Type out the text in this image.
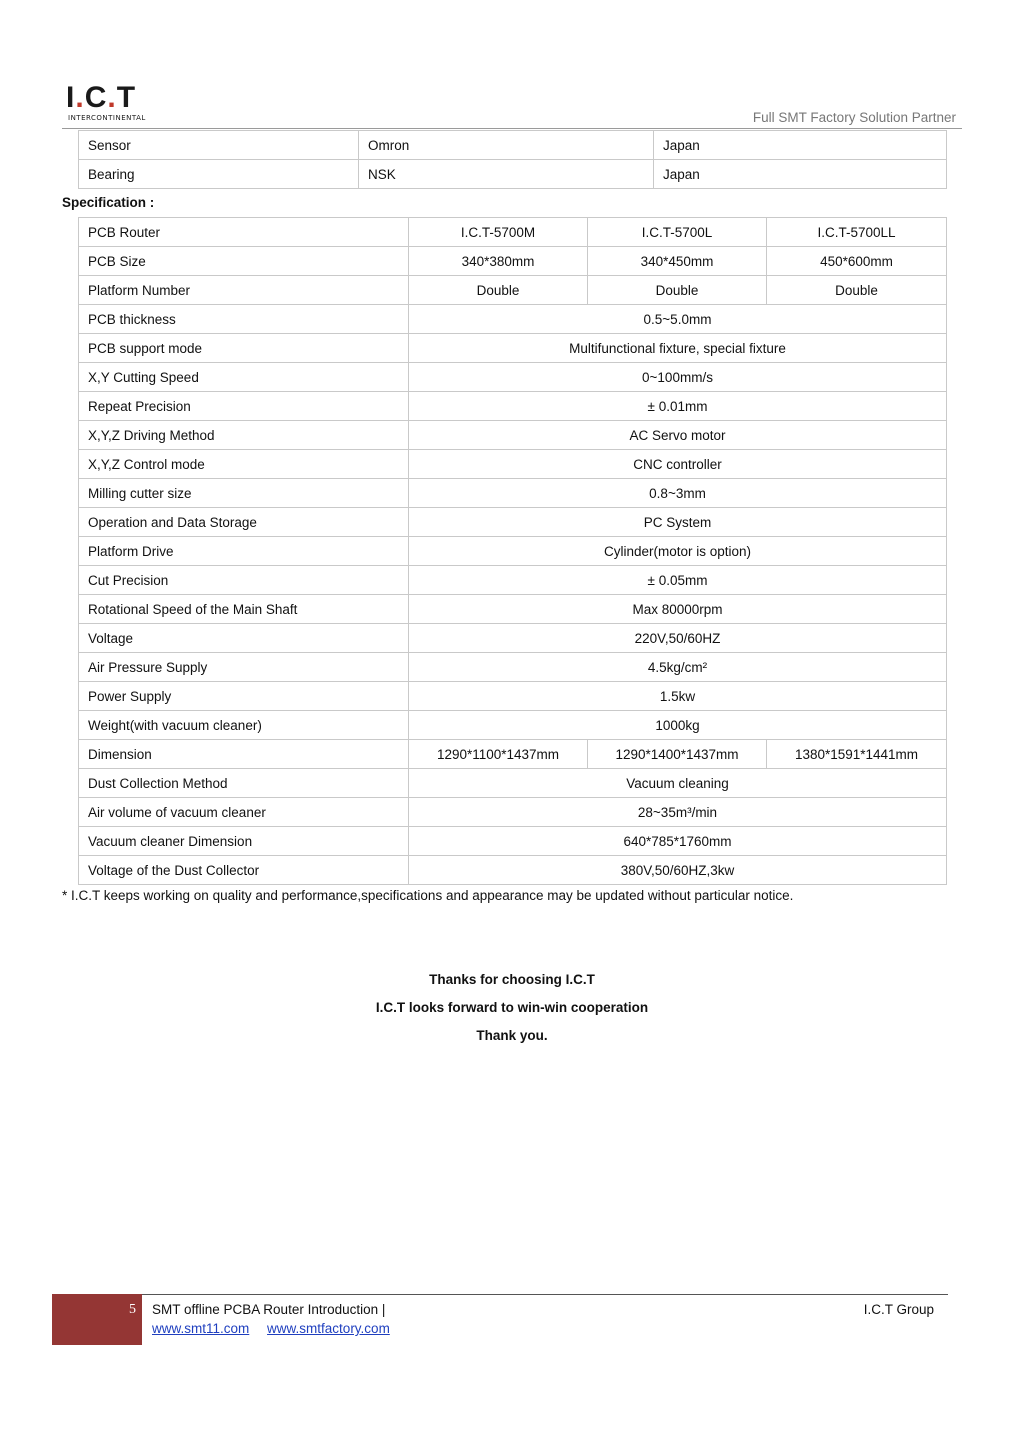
I.C.T
INTERCONTINENTAL	Full SMT Factory Solution Partner
Sensor	Omron	Japan
Bearing	NSK	Japan
Specification :
PCB Router	I.C.T-5700M	I.C.T-5700L	I.C.T-5700LL
PCB Size	340*380mm	340*450mm	450*600mm
Platform Number	Double	Double	Double
PCB thickness	0.5~5.0mm		
PCB support mode	Multifunctional fixture, special fixture		
X,Y Cutting Speed	0~100mm/s		
Repeat Precision	± 0.01mm		
X,Y,Z Driving Method	AC Servo motor		
X,Y,Z Control mode	CNC controller		
Milling cutter size	0.8~3mm		
Operation and Data Storage	PC System		
Platform Drive	Cylinder(motor is option)		
Cut Precision	± 0.05mm		
Rotational Speed of the Main Shaft	Max 80000rpm		
Voltage	220V,50/60HZ		
Air Pressure Supply	4.5kg/cm²		
Power Supply	1.5kw		
Weight(with vacuum cleaner)	1000kg		
Dimension	1290*1100*1437mm	1290*1400*1437mm	1380*1591*1441mm
Dust Collection Method	Vacuum cleaning		
Air volume of vacuum cleaner	28~35m³/min		
Vacuum cleaner Dimension	640*785*1760mm		
Voltage of the Dust Collector	380V,50/60HZ,3kw		
* I.C.T keeps working on quality and performance,specifications and appearance may be updated without particular notice.
Thanks for choosing I.C.T
I.C.T looks forward to win-win cooperation
Thank you.
5 SMT offline PCBA Router Introduction |	I.C.T Group
www.smt11.com www.smtfactory.com
